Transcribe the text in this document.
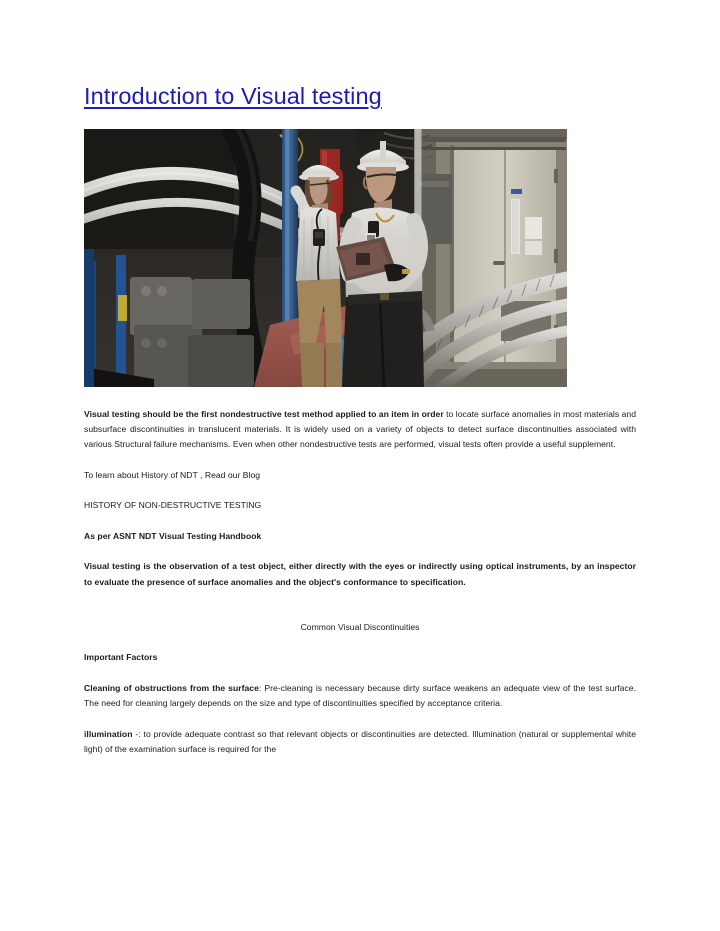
Introduction to Visual testing

Visual testing should be the first nondestructive test method applied to an item in order to locate surface anomalies in most materials and subsurface discontinuities in translucent materials. It is widely used on a variety of objects to detect surface discontinuities associated with various Structural failure mechanisms. Even when other nondestructive tests are performed, visual tests often provide a useful supplement.

To learn about History of NDT , Read our Blog

HISTORY OF NON-DESTRUCTIVE TESTING

As per ASNT NDT Visual Testing Handbook

Visual testing is the observation of a test object, either directly with the eyes or indirectly using optical instruments, by an inspector to evaluate the presence of surface anomalies and the object's conformance to specification.

Common Visual Discontinuities

Important Factors

Cleaning of obstructions from the surface: Pre-cleaning is necessary because dirty surface weakens an adequate view of the test surface. The need for cleaning largely depends on the size and type of discontinuities specified by acceptance criteria.

illumination -: to provide adequate contrast so that relevant objects or discontinuities are detected. Illumination (natural or supplemental white light) of the examination surface is required for the
